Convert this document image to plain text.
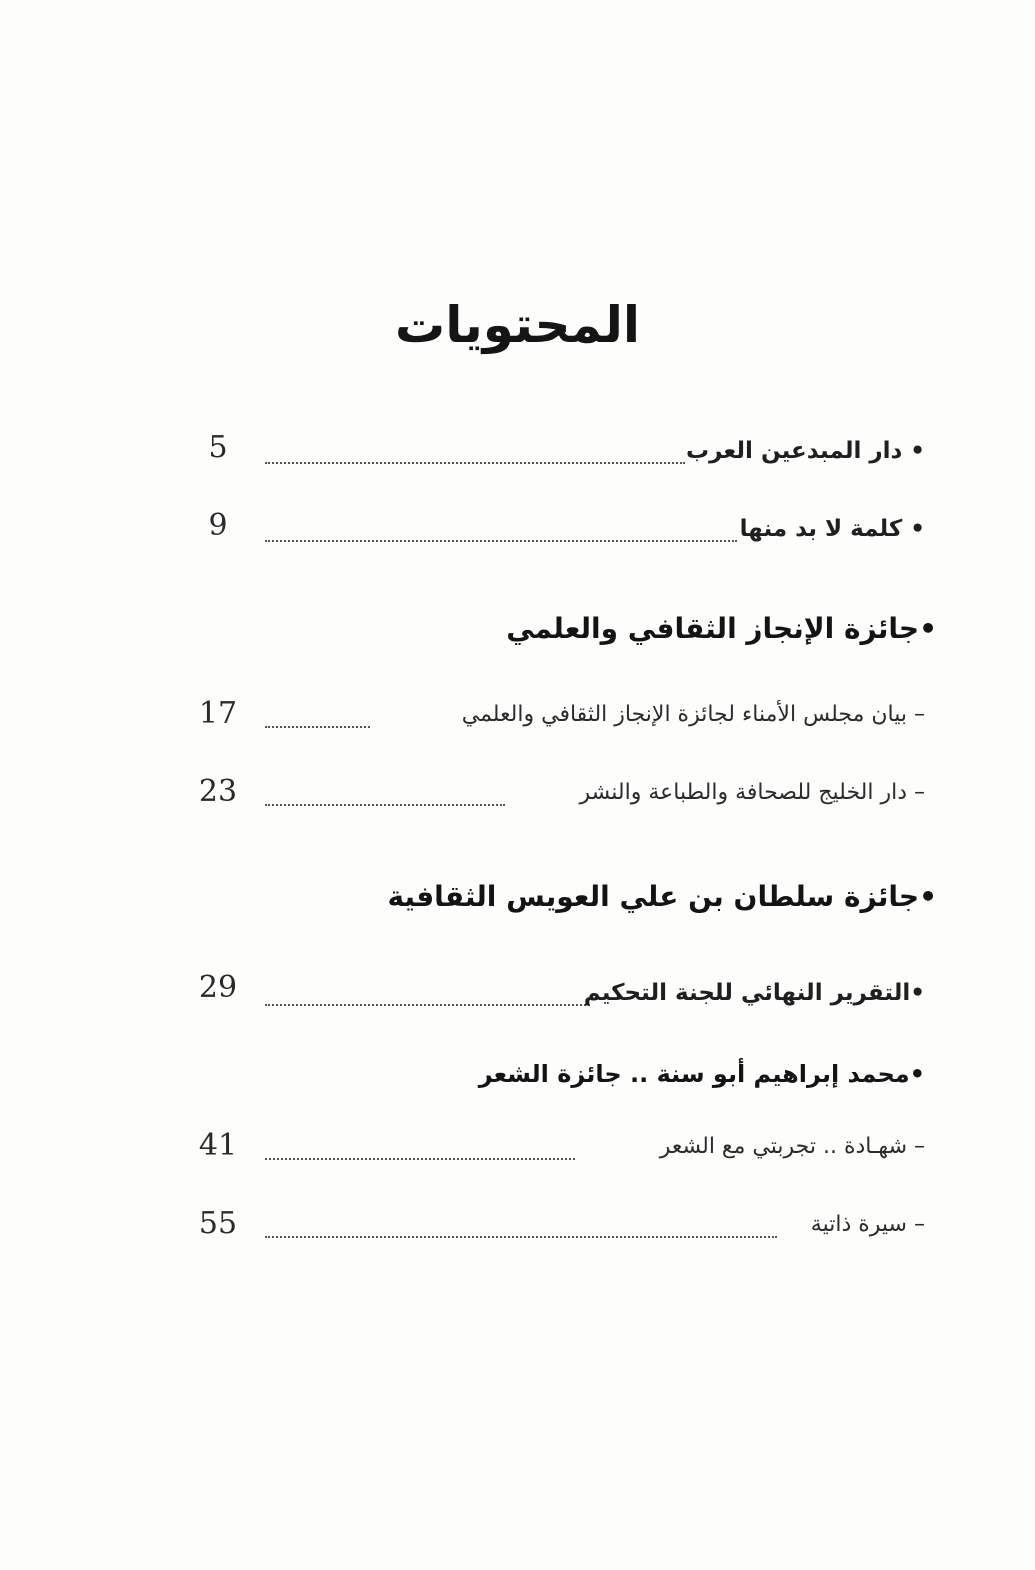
المحتويات
5	• دار المبدعين العرب
9	• كلمة لا بد منها
•جائزة الإنجاز الثقافي والعلمي
17	– بيان مجلس الأمناء لجائزة الإنجاز الثقافي والعلمي
23	– دار الخليج للصحافة والطباعة والنشر
•جائزة سلطان بن علي العويس الثقافية
29	•التقرير النهائي للجنة التحكيم
•محمد إبراهيم أبو سنة .. جائزة الشعر
41	– شهـادة .. تجربتي مع الشعر
55	– سيرة ذاتية
